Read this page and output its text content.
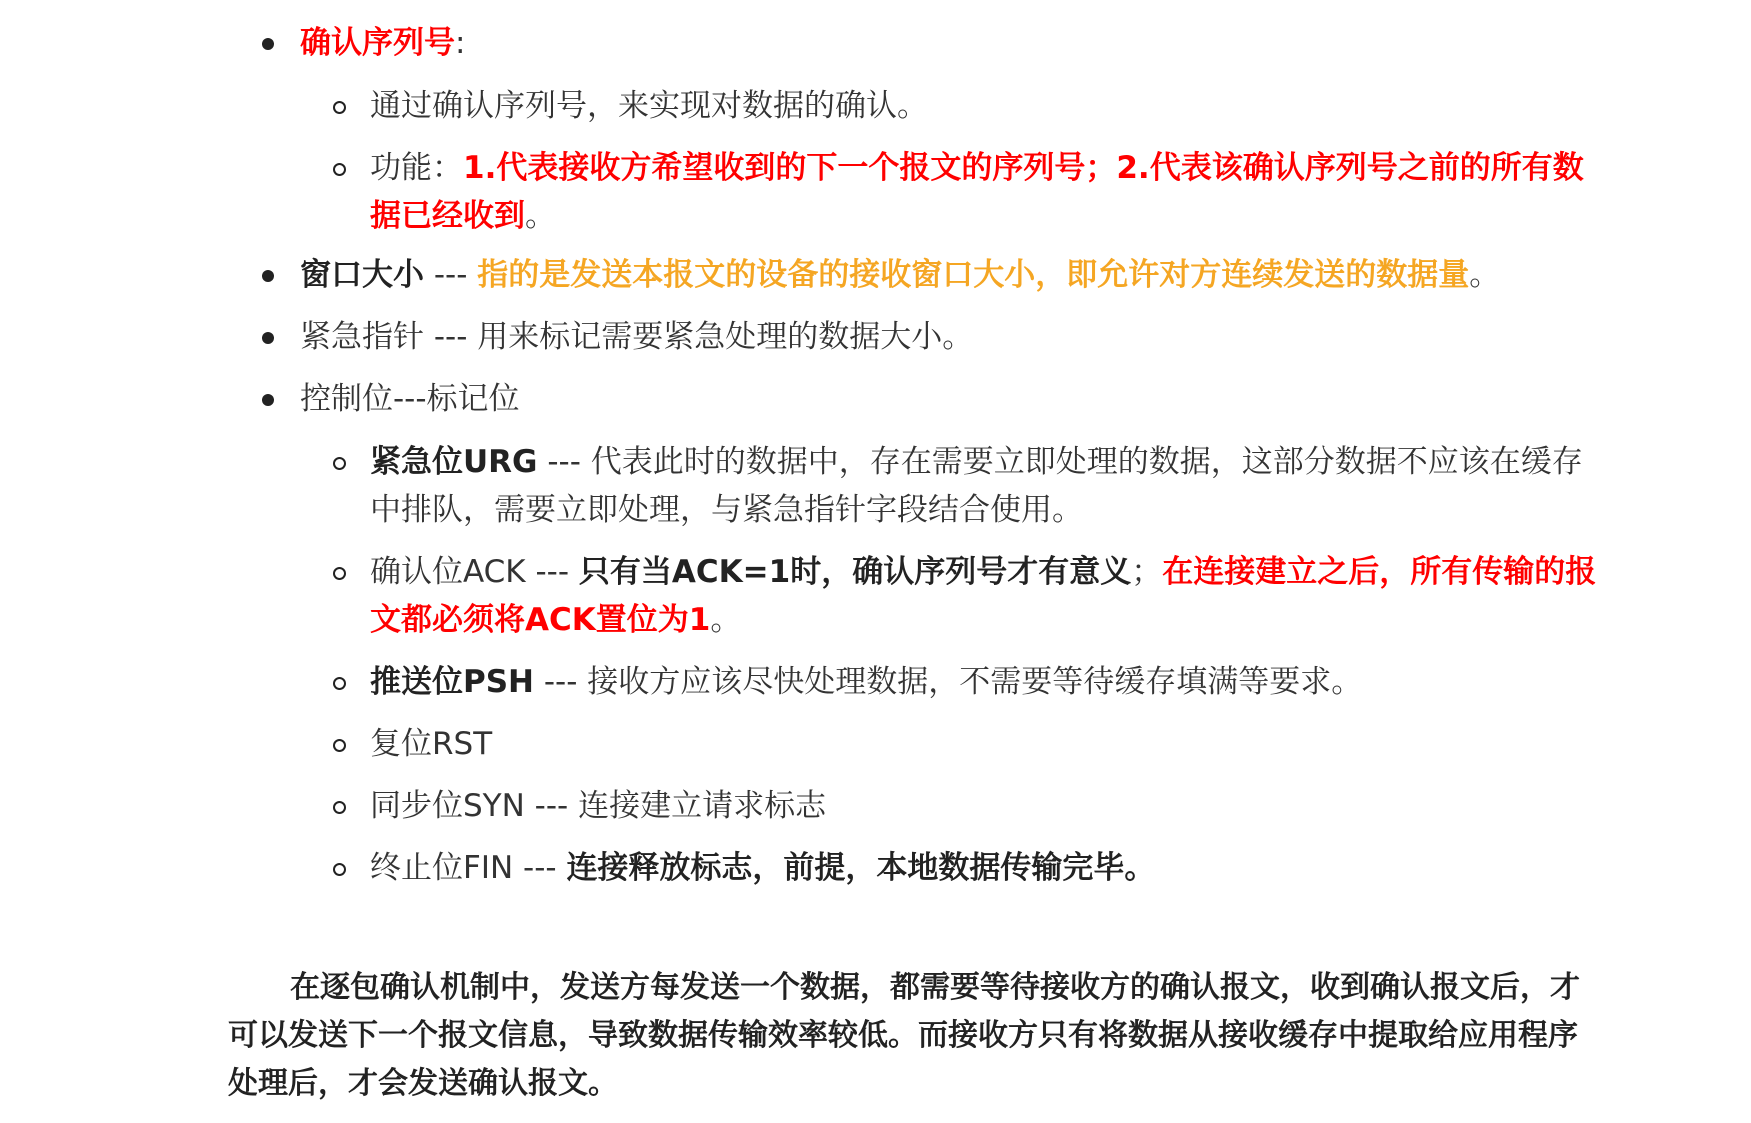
确认序列号:
通过确认序列号，来实现对数据的确认。
功能：1.代表接收方希望收到的下一个报文的序列号；2.代表该确认序列号之前的所有数据已经收到。
窗口大小 --- 指的是发送本报文的设备的接收窗口大小，即允许对方连续发送的数据量。
紧急指针 --- 用来标记需要紧急处理的数据大小。
控制位---标记位
紧急位URG --- 代表此时的数据中，存在需要立即处理的数据，这部分数据不应该在缓存中排队，需要立即处理，与紧急指针字段结合使用。
确认位ACK --- 只有当ACK=1时，确认序列号才有意义；在连接建立之后，所有传输的报文都必须将ACK置位为1。
推送位PSH --- 接收方应该尽快处理数据，不需要等待缓存填满等要求。
复位RST
同步位SYN --- 连接建立请求标志
终止位FIN --- 连接释放标志，前提，本地数据传输完毕。

在逐包确认机制中，发送方每发送一个数据，都需要等待接收方的确认报文，收到确认报文后，才可以发送下一个报文信息，导致数据传输效率较低。而接收方只有将数据从接收缓存中提取给应用程序处理后，才会发送确认报文。
